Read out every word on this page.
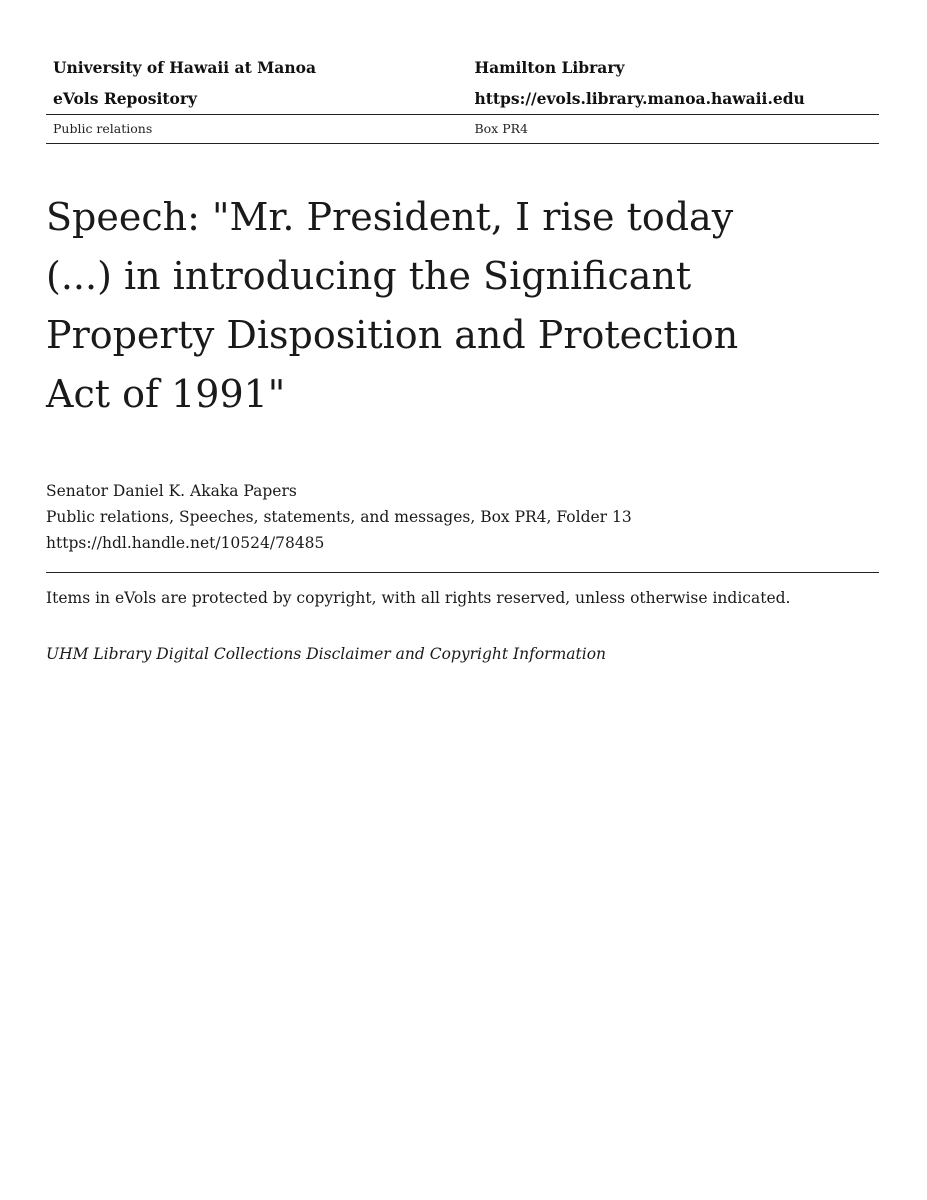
University of Hawaii at Manoa	Hamilton Library
eVols Repository	https://evols.library.manoa.hawaii.edu
Public relations	Box PR4
Speech: "Mr. President, I rise today (...) in introducing the Significant Property Disposition and Protection Act of 1991"
Senator Daniel K. Akaka Papers
Public relations, Speeches, statements, and messages, Box PR4, Folder 13
https://hdl.handle.net/10524/78485
Items in eVols are protected by copyright, with all rights reserved, unless otherwise indicated.
UHM Library Digital Collections Disclaimer and Copyright Information
